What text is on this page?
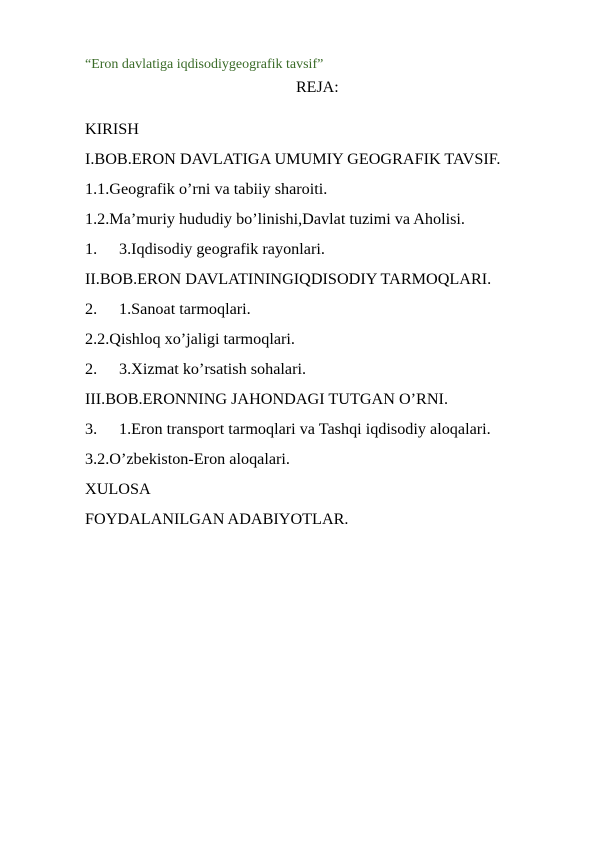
“Eron davlatiga iqdisodiygeografik tavsif”
REJA:
KIRISH
I.BOB.ERON DAVLATIGA UMUMIY GEOGRAFIK TAVSIF.
1.1.Geografik o’rni va tabiiy sharoiti.
1.2.Ma’muriy hududiy bo’linishi,Davlat tuzimi va Aholisi.
1. 3.Iqdisodiy geografik rayonlari.
II.BOB.ERON DAVLATININGIQDISODIY TARMOQLARI.
2. 1.Sanoat tarmoqlari.
2.2.Qishloq xo’jaligi tarmoqlari.
2. 3.Xizmat ko’rsatish sohalari.
III.BOB.ERONNING JAHONDAGI TUTGAN O’RNI.
3. 1.Eron transport tarmoqlari va Tashqi iqdisodiy aloqalari.
3.2.O’zbekiston-Eron aloqalari.
XULOSA
FOYDALANILGAN ADABIYOTLAR.
